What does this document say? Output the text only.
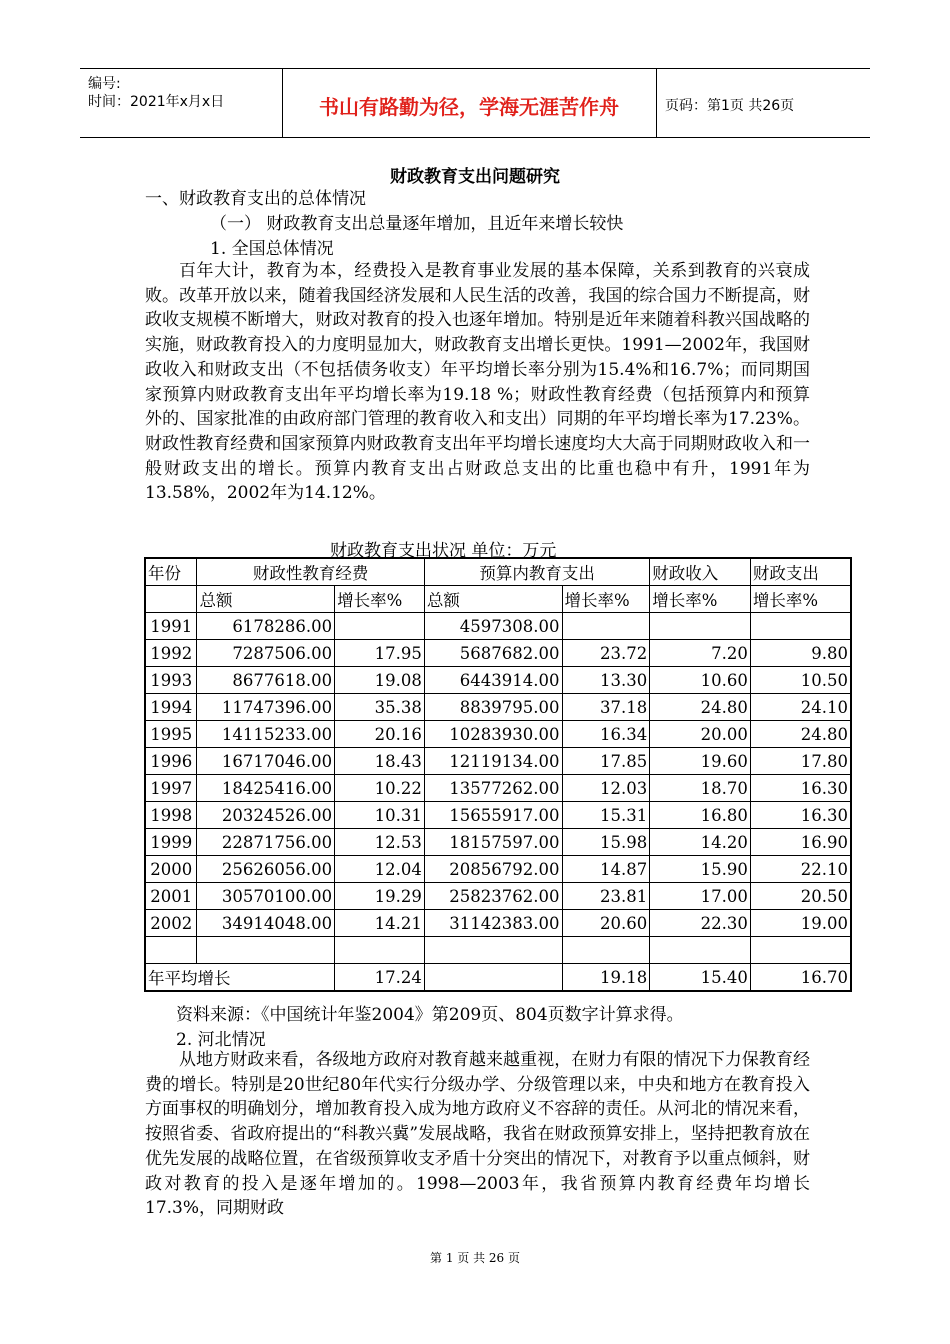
编号:
时间：2021年x月x日	书山有路勤为径，学海无涯苦作舟	页码：第1页 共26页
财政教育支出问题研究
一、财政教育支出的总体情况
（一） 财政教育支出总量逐年增加，且近年来增长较快
1. 全国总体情况
百年大计，教育为本，经费投入是教育事业发展的基本保障，关系到教育的兴衰成败。改革开放以来，随着我国经济发展和人民生活的改善，我国的综合国力不断提高，财政收支规模不断增大，财政对教育的投入也逐年增加。特别是近年来随着科教兴国战略的实施，财政教育投入的力度明显加大，财政教育支出增长更快。1991—2002年，我国财政收入和财政支出（不包括债务收支）年平均增长率分别为15.4%和16.7%；而同期国家预算内财政教育支出年平均增长率为19.18 %；财政性教育经费（包括预算内和预算外的、国家批准的由政府部门管理的教育收入和支出）同期的年平均增长率为17.23%。财政性教育经费和国家预算内财政教育支出年平均增长速度均大大高于同期财政收入和一般财政支出的增长。预算内教育支出占财政总支出的比重也稳中有升，1991年为13.58%，2002年为14.12%。
财政教育支出状况 单位：万元
年份	财政性教育经费		预算内教育支出		财政收入	财政支出
	总额	增长率%	总额	增长率%	增长率%	增长率%
1991	6178286.00		4597308.00			
1992	7287506.00	17.95	5687682.00	23.72	7.20	9.80
1993	8677618.00	19.08	6443914.00	13.30	10.60	10.50
1994	11747396.00	35.38	8839795.00	37.18	24.80	24.10
1995	14115233.00	20.16	10283930.00	16.34	20.00	24.80
1996	16717046.00	18.43	12119134.00	17.85	19.60	17.80
1997	18425416.00	10.22	13577262.00	12.03	18.70	16.30
1998	20324526.00	10.31	15655917.00	15.31	16.80	16.30
1999	22871756.00	12.53	18157597.00	15.98	14.20	16.90
2000	25626056.00	12.04	20856792.00	14.87	15.90	22.10
2001	30570100.00	19.29	25823762.00	23.81	17.00	20.50
2002	34914048.00	14.21	31142383.00	20.60	22.30	19.00

年平均增长		17.24		19.18	15.40	16.70
资料来源：《中国统计年鉴2004》第209页、804页数字计算求得。
2. 河北情况
从地方财政来看，各级地方政府对教育越来越重视，在财力有限的情况下力保教育经费的增长。特别是20世纪80年代实行分级办学、分级管理以来，中央和地方在教育投入方面事权的明确划分，增加教育投入成为地方政府义不容辞的责任。从河北的情况来看，按照省委、省政府提出的“科教兴冀”发展战略，我省在财政预算安排上，坚持把教育放在优先发展的战略位置，在省级预算收支矛盾十分突出的情况下，对教育予以重点倾斜，财政对教育的投入是逐年增加的。1998—2003年，我省预算内教育经费年均增长17.3%，同期财政
第 1 页 共 26 页
